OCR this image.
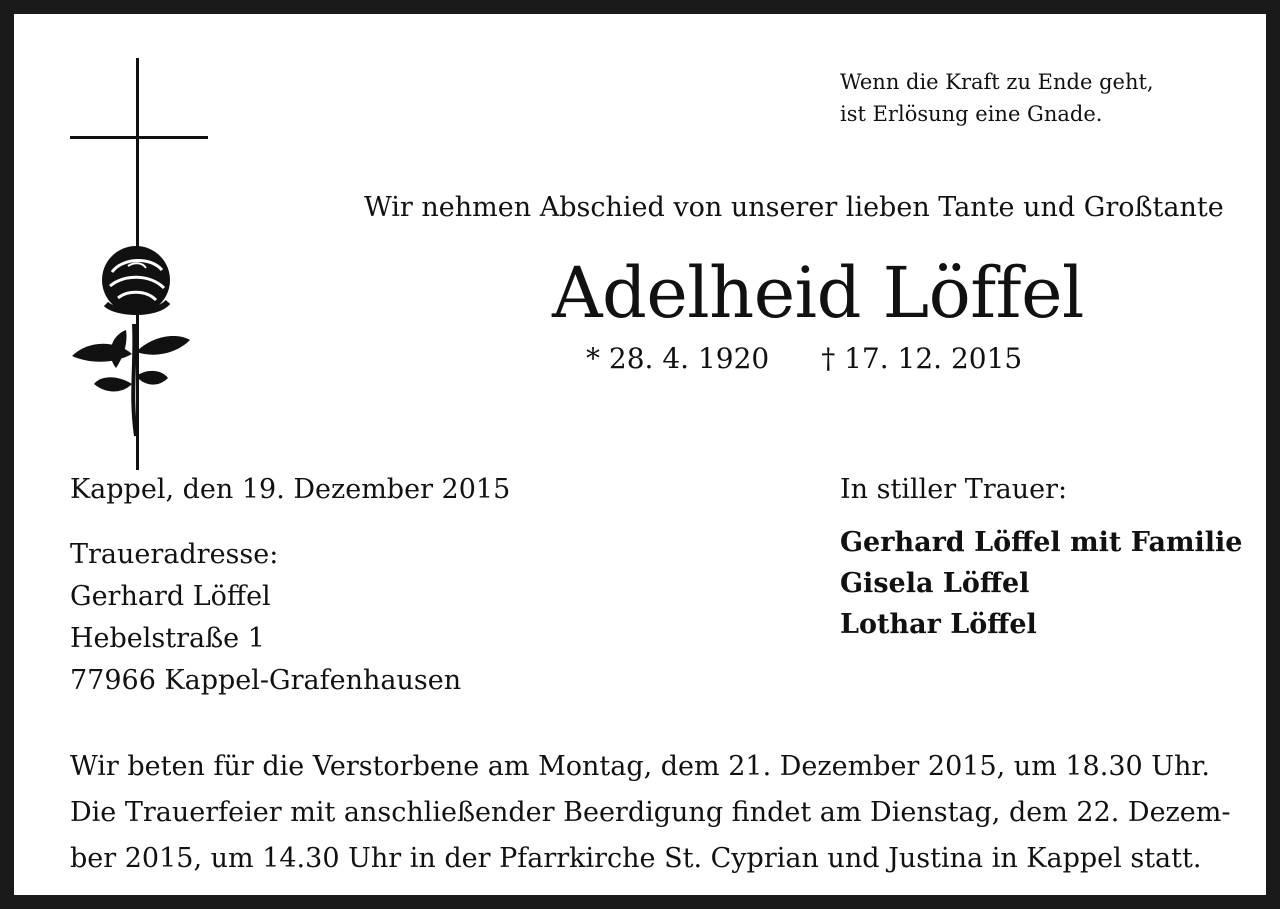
Wenn die Kraft zu Ende geht,
ist Erlösung eine Gnade.
Wir nehmen Abschied von unserer lieben Tante und Großtante
Adelheid Löffel
* 28. 4. 1920 † 17. 12. 2015
Kappel, den 19. Dezember 2015
Traueradresse:
Gerhard Löffel
Hebelstraße 1
77966 Kappel-Grafenhausen
In stiller Trauer:
Gerhard Löffel mit Familie
Gisela Löffel
Lothar Löffel
Wir beten für die Verstorbene am Montag, dem 21. Dezember 2015, um 18.30 Uhr.
Die Trauerfeier mit anschließender Beerdigung findet am Dienstag, dem 22. Dezem-
ber 2015, um 14.30 Uhr in der Pfarrkirche St. Cyprian und Justina in Kappel statt.
